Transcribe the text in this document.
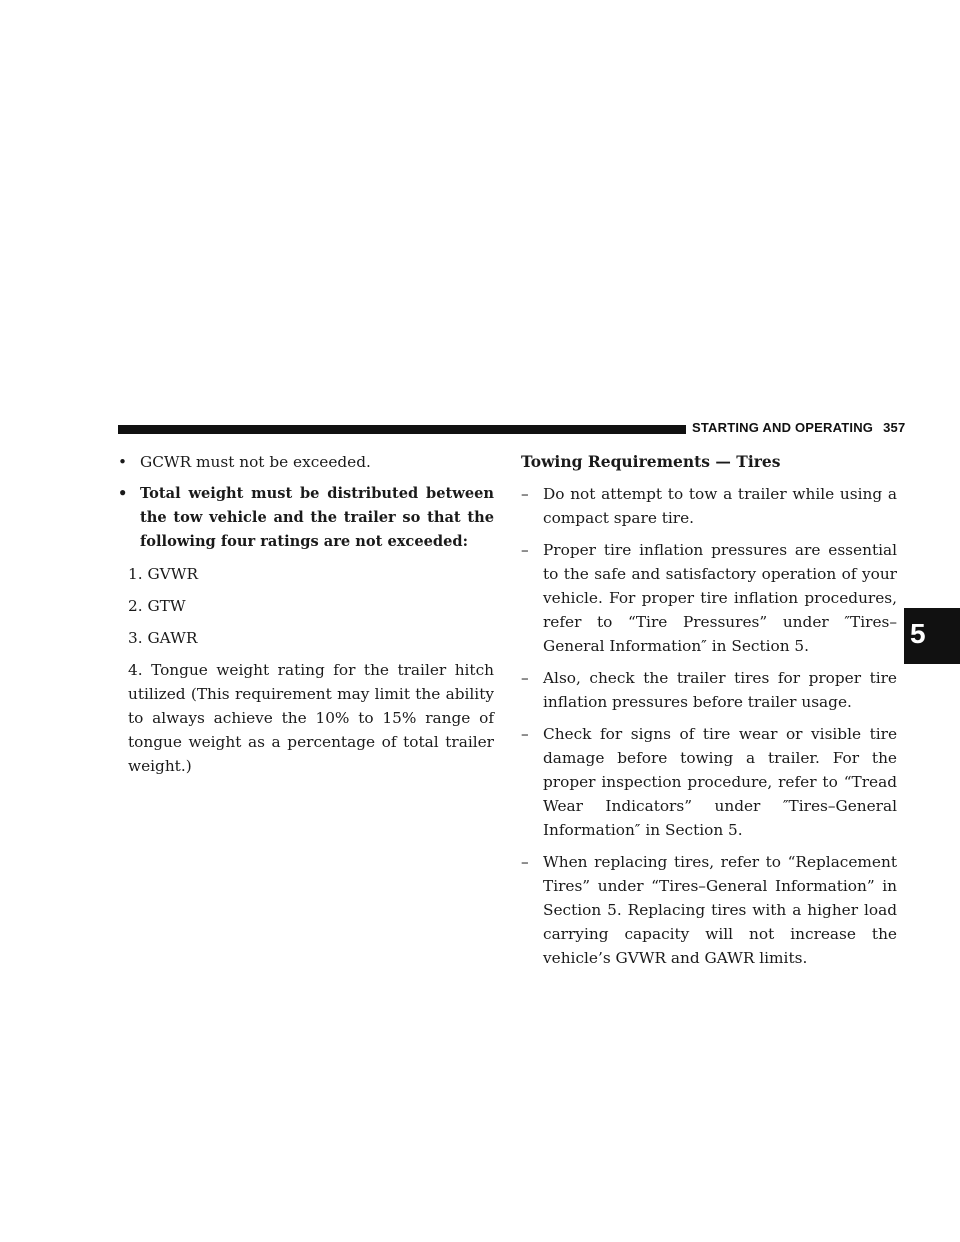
STARTING AND OPERATING 357
5

• GCWR must not be exceeded.

• Total weight must be distributed between the tow vehicle and the trailer so that the following four ratings are not exceeded:

1. GVWR

2. GTW

3. GAWR

4. Tongue weight rating for the trailer hitch utilized (This requirement may limit the ability to always achieve the 10% to 15% range of tongue weight as a percentage of total trailer weight.)

Towing Requirements — Tires

– Do not attempt to tow a trailer while using a compact spare tire.

– Proper tire inflation pressures are essential to the safe and satisfactory operation of your vehicle. For proper tire inflation procedures, refer to “Tire Pressures” under ″Tires–General Information″ in Section 5.

– Also, check the trailer tires for proper tire inflation pressures before trailer usage.

– Check for signs of tire wear or visible tire damage before towing a trailer. For the proper inspection procedure, refer to “Tread Wear Indicators” under ″Tires–General Information″ in Section 5.

– When replacing tires, refer to “Replacement Tires” under “Tires–General Information” in Section 5. Replacing tires with a higher load carrying capacity will not increase the vehicle’s GVWR and GAWR limits.
